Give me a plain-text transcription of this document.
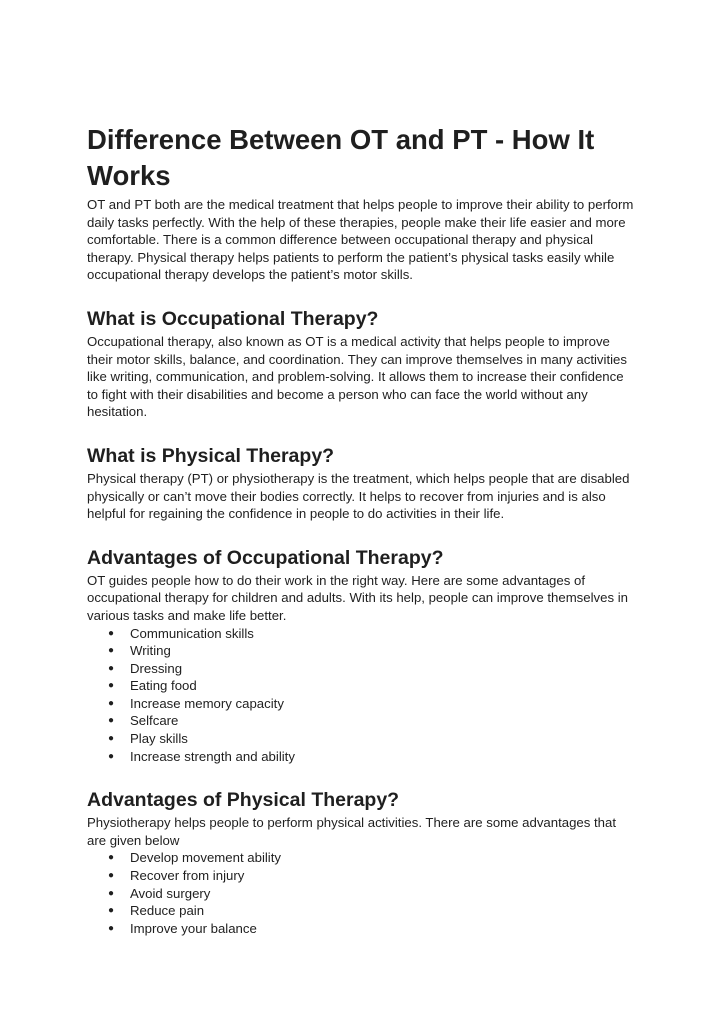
Difference Between OT and PT - How It Works

OT and PT both are the medical treatment that helps people to improve their ability to perform daily tasks perfectly. With the help of these therapies, people make their life easier and more comfortable. There is a common difference between occupational therapy and physical therapy. Physical therapy helps patients to perform the patient’s physical tasks easily while occupational therapy develops the patient’s motor skills.

What is Occupational Therapy?

Occupational therapy, also known as OT is a medical activity that helps people to improve their motor skills, balance, and coordination. They can improve themselves in many activities like writing, communication, and problem-solving. It allows them to increase their confidence to fight with their disabilities and become a person who can face the world without any hesitation.

What is Physical Therapy?

Physical therapy (PT) or physiotherapy is the treatment, which helps people that are disabled physically or can’t move their bodies correctly. It helps to recover from injuries and is also helpful for regaining the confidence in people to do activities in their life.

Advantages of Occupational Therapy?

OT guides people how to do their work in the right way. Here are some advantages of occupational therapy for children and adults. With its help, people can improve themselves in various tasks and make life better.

● Communication skills
● Writing
● Dressing
● Eating food
● Increase memory capacity
● Selfcare
● Play skills
● Increase strength and ability
Advantages of Physical Therapy?

Physiotherapy helps people to perform physical activities. There are some advantages that are given below

● Develop movement ability
● Recover from injury
● Avoid surgery
● Reduce pain
● Improve your balance
